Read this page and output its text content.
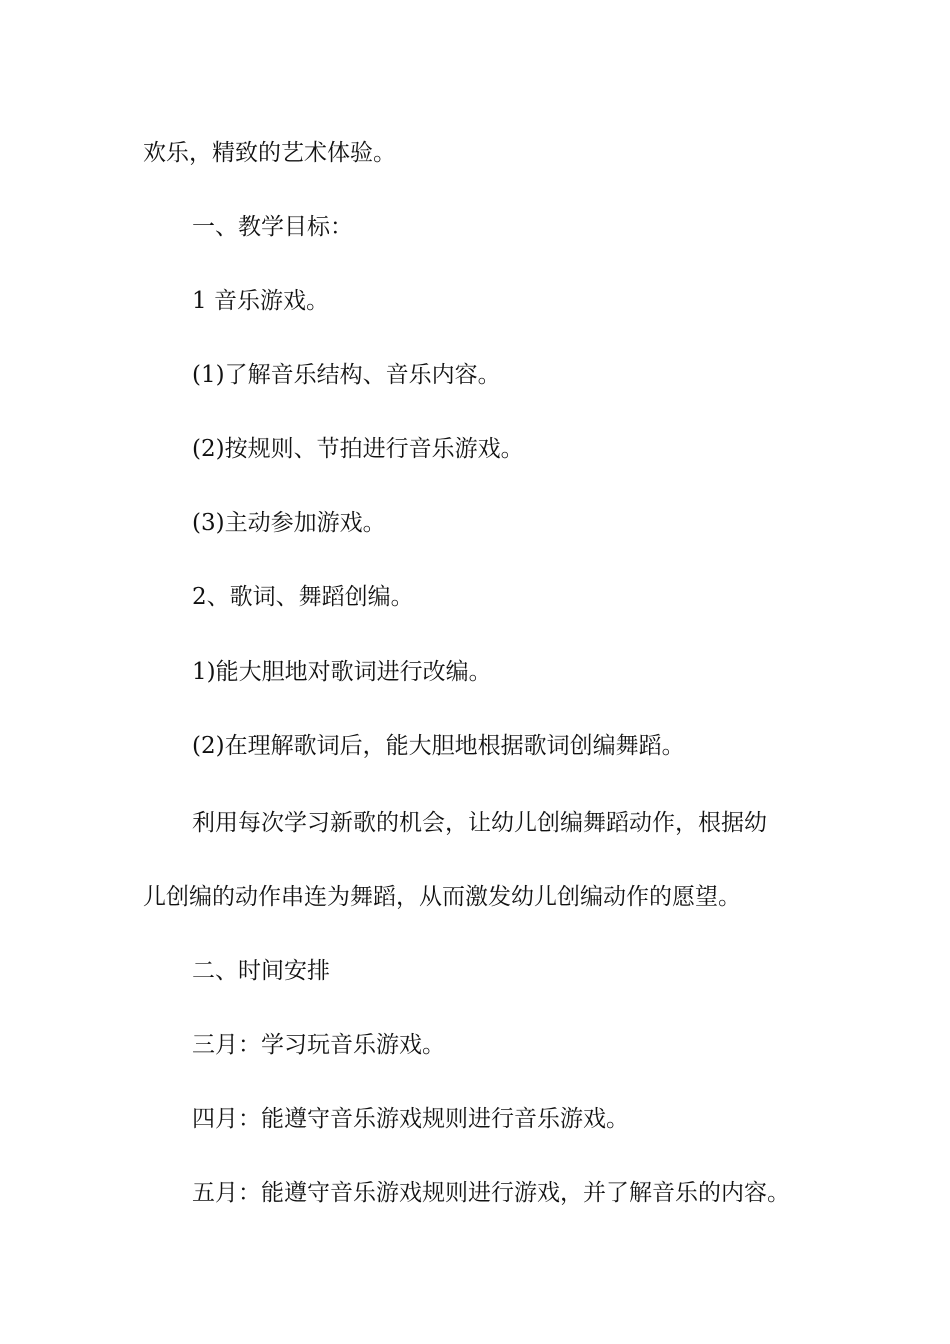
欢乐，精致的艺术体验。
一、教学目标：
1 音乐游戏。
(1)了解音乐结构、音乐内容。
(2)按规则、节拍进行音乐游戏。
(3)主动参加游戏。
2、歌词、舞蹈创编。
1)能大胆地对歌词进行改编。
(2)在理解歌词后，能大胆地根据歌词创编舞蹈。
利用每次学习新歌的机会，让幼儿创编舞蹈动作，根据幼
儿创编的动作串连为舞蹈，从而激发幼儿创编动作的愿望。
二、时间安排
三月：学习玩音乐游戏。
四月：能遵守音乐游戏规则进行音乐游戏。
五月：能遵守音乐游戏规则进行游戏，并了解音乐的内容。
